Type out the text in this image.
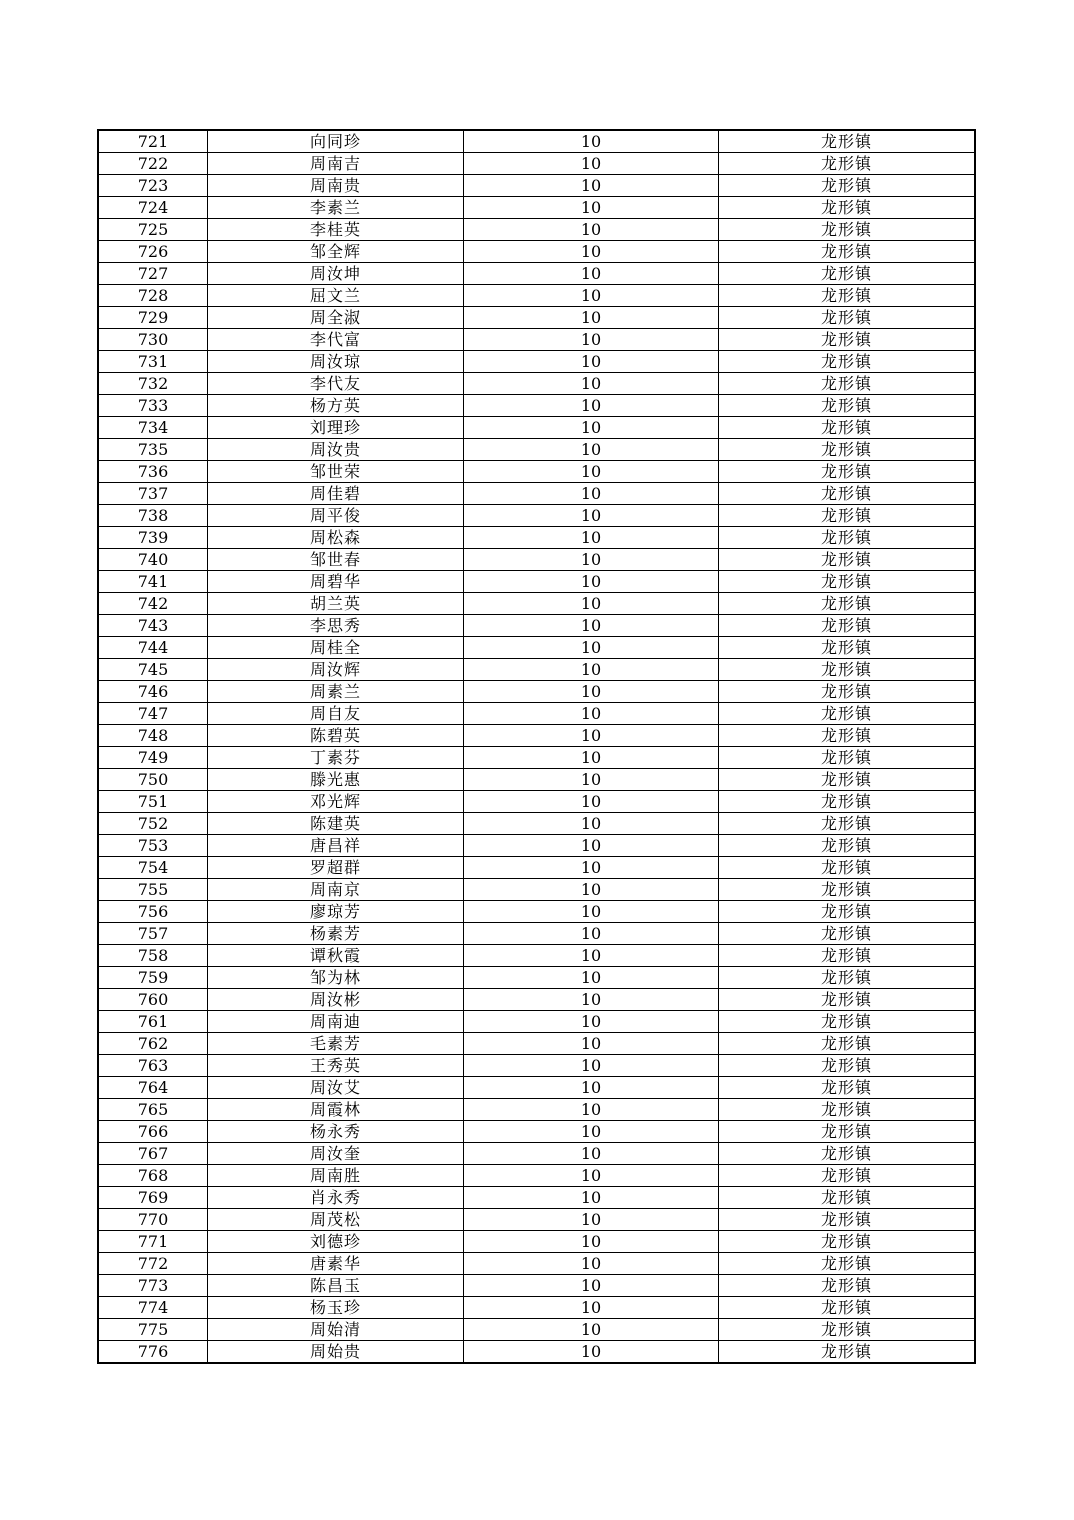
721	向同珍	10	龙形镇
722	周南吉	10	龙形镇
723	周南贵	10	龙形镇
724	李素兰	10	龙形镇
725	李桂英	10	龙形镇
726	邹全辉	10	龙形镇
727	周汝坤	10	龙形镇
728	屈文兰	10	龙形镇
729	周全淑	10	龙形镇
730	李代富	10	龙形镇
731	周汝琼	10	龙形镇
732	李代友	10	龙形镇
733	杨方英	10	龙形镇
734	刘理珍	10	龙形镇
735	周汝贵	10	龙形镇
736	邹世荣	10	龙形镇
737	周佳碧	10	龙形镇
738	周平俊	10	龙形镇
739	周松森	10	龙形镇
740	邹世春	10	龙形镇
741	周碧华	10	龙形镇
742	胡兰英	10	龙形镇
743	李思秀	10	龙形镇
744	周桂全	10	龙形镇
745	周汝辉	10	龙形镇
746	周素兰	10	龙形镇
747	周自友	10	龙形镇
748	陈碧英	10	龙形镇
749	丁素芬	10	龙形镇
750	滕光惠	10	龙形镇
751	邓光辉	10	龙形镇
752	陈建英	10	龙形镇
753	唐昌祥	10	龙形镇
754	罗超群	10	龙形镇
755	周南京	10	龙形镇
756	廖琼芳	10	龙形镇
757	杨素芳	10	龙形镇
758	谭秋霞	10	龙形镇
759	邹为林	10	龙形镇
760	周汝彬	10	龙形镇
761	周南迪	10	龙形镇
762	毛素芳	10	龙形镇
763	王秀英	10	龙形镇
764	周汝艾	10	龙形镇
765	周霞林	10	龙形镇
766	杨永秀	10	龙形镇
767	周汝奎	10	龙形镇
768	周南胜	10	龙形镇
769	肖永秀	10	龙形镇
770	周茂松	10	龙形镇
771	刘德珍	10	龙形镇
772	唐素华	10	龙形镇
773	陈昌玉	10	龙形镇
774	杨玉珍	10	龙形镇
775	周始清	10	龙形镇
776	周始贵	10	龙形镇
